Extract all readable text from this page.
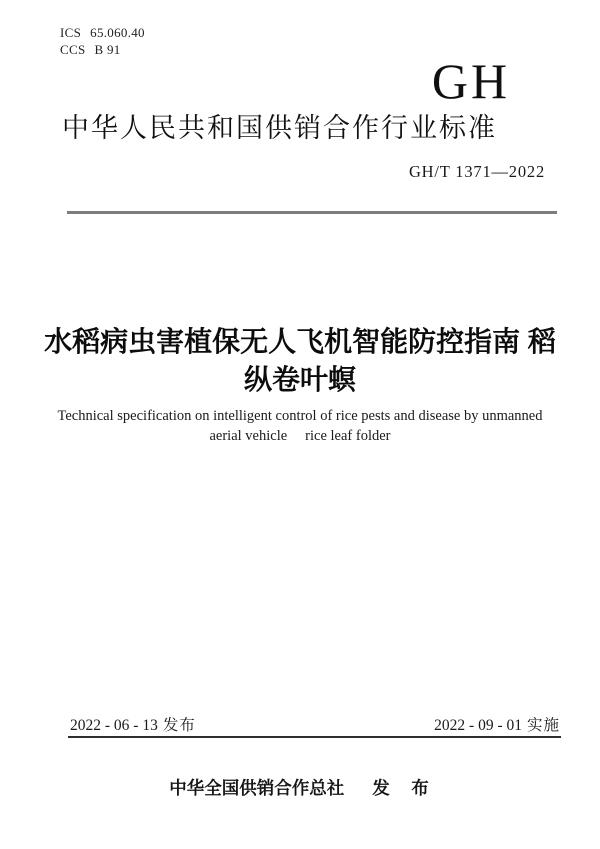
ICS 65.060.40
CCS B 91
GH
中华人民共和国供销合作行业标准
GH/T 1371—2022
水稻病虫害植保无人飞机智能防控指南 稻
纵卷叶螟
Technical specification on intelligent control of rice pests and disease by unmanned
aerial vehicle rice leaf folder
2022 - 06 - 13 发布	2022 - 09 - 01 实施
中华全国供销合作总社 发　布
